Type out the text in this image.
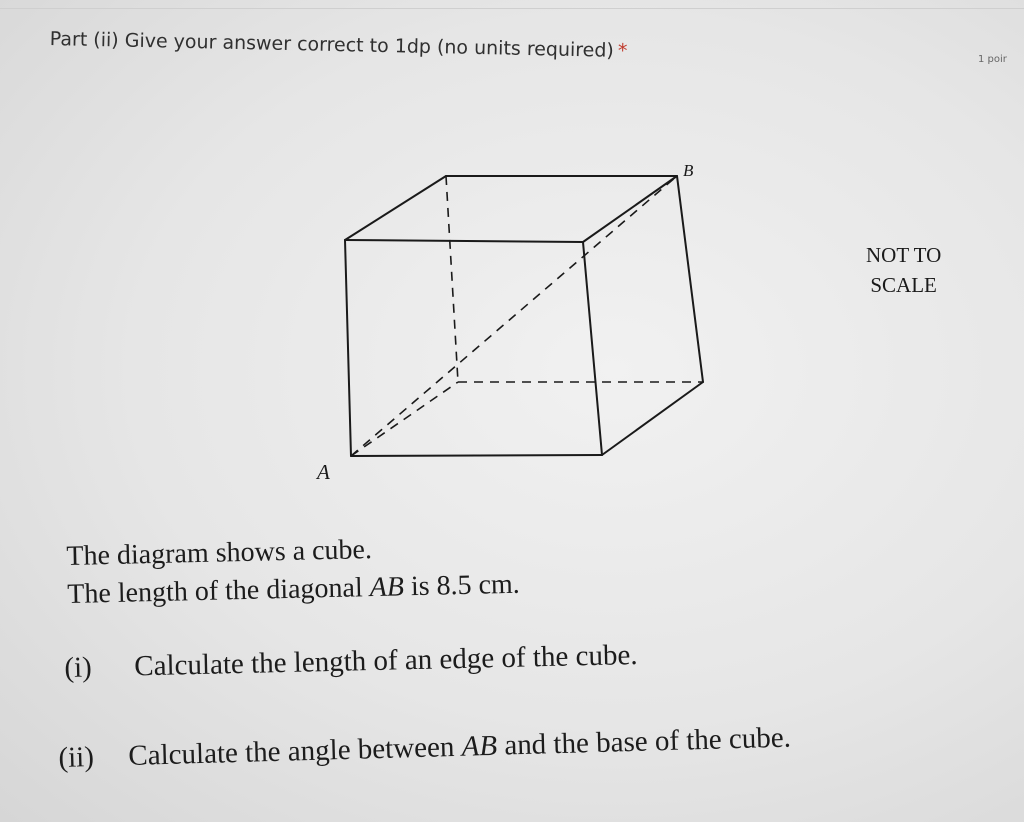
Part (ii) Give your answer correct to 1dp (no units required) *	1 poir
B
A
NOT TO
SCALE

The diagram shows a cube.

The length of the diagonal AB is 8.5 cm.

(i) Calculate the length of an edge of the cube.
(ii) Calculate the angle between AB and the base of the cube.
